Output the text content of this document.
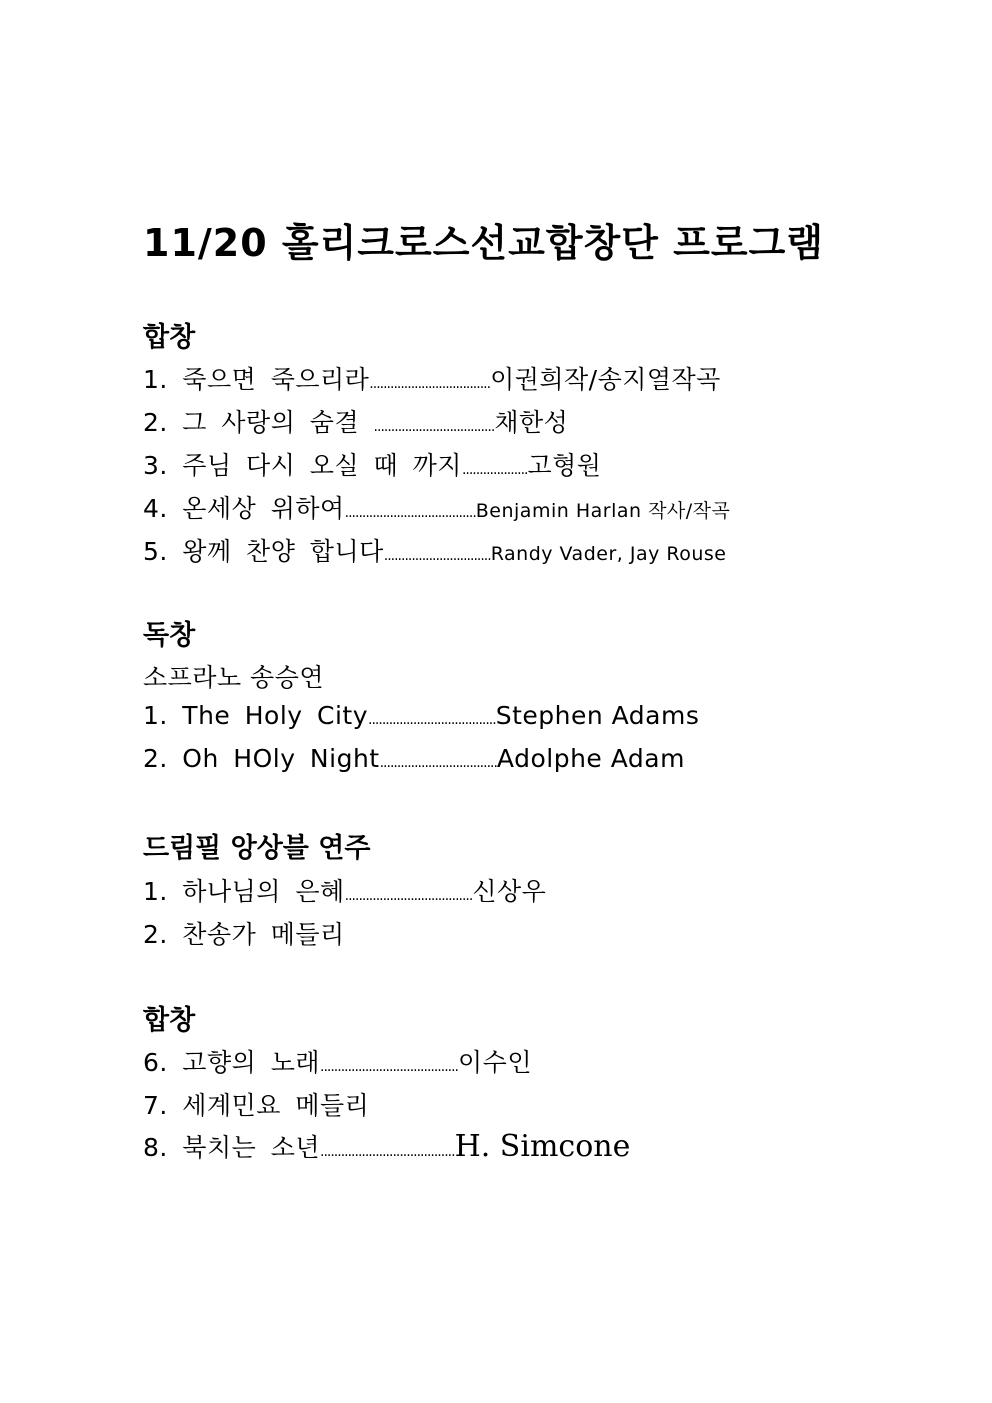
11/20 홀리크로스선교합창단 프로그램
합창
1. 죽으면 죽으리라...................................이권희작/송지열작곡
2. 그 사랑의 숨결 ...................................채한성
3. 주님 다시 오실 때 까지...................고형원
4. 온세상 위하여......................................Benjamin Harlan 작사/작곡
5. 왕께 찬양 합니다...............................Randy Vader, Jay Rouse
독창
소프라노 송승연
1. The Holy City.....................................Stephen Adams
2. Oh HOly Night..................................Adolphe Adam
드림필 앙상블 연주
1. 하나님의 은혜.....................................신상우
2. 찬송가 메들리
합창
6. 고향의 노래........................................이수인
7. 세계민요 메들리
8. 북치는 소년.......................................H. Simcone
